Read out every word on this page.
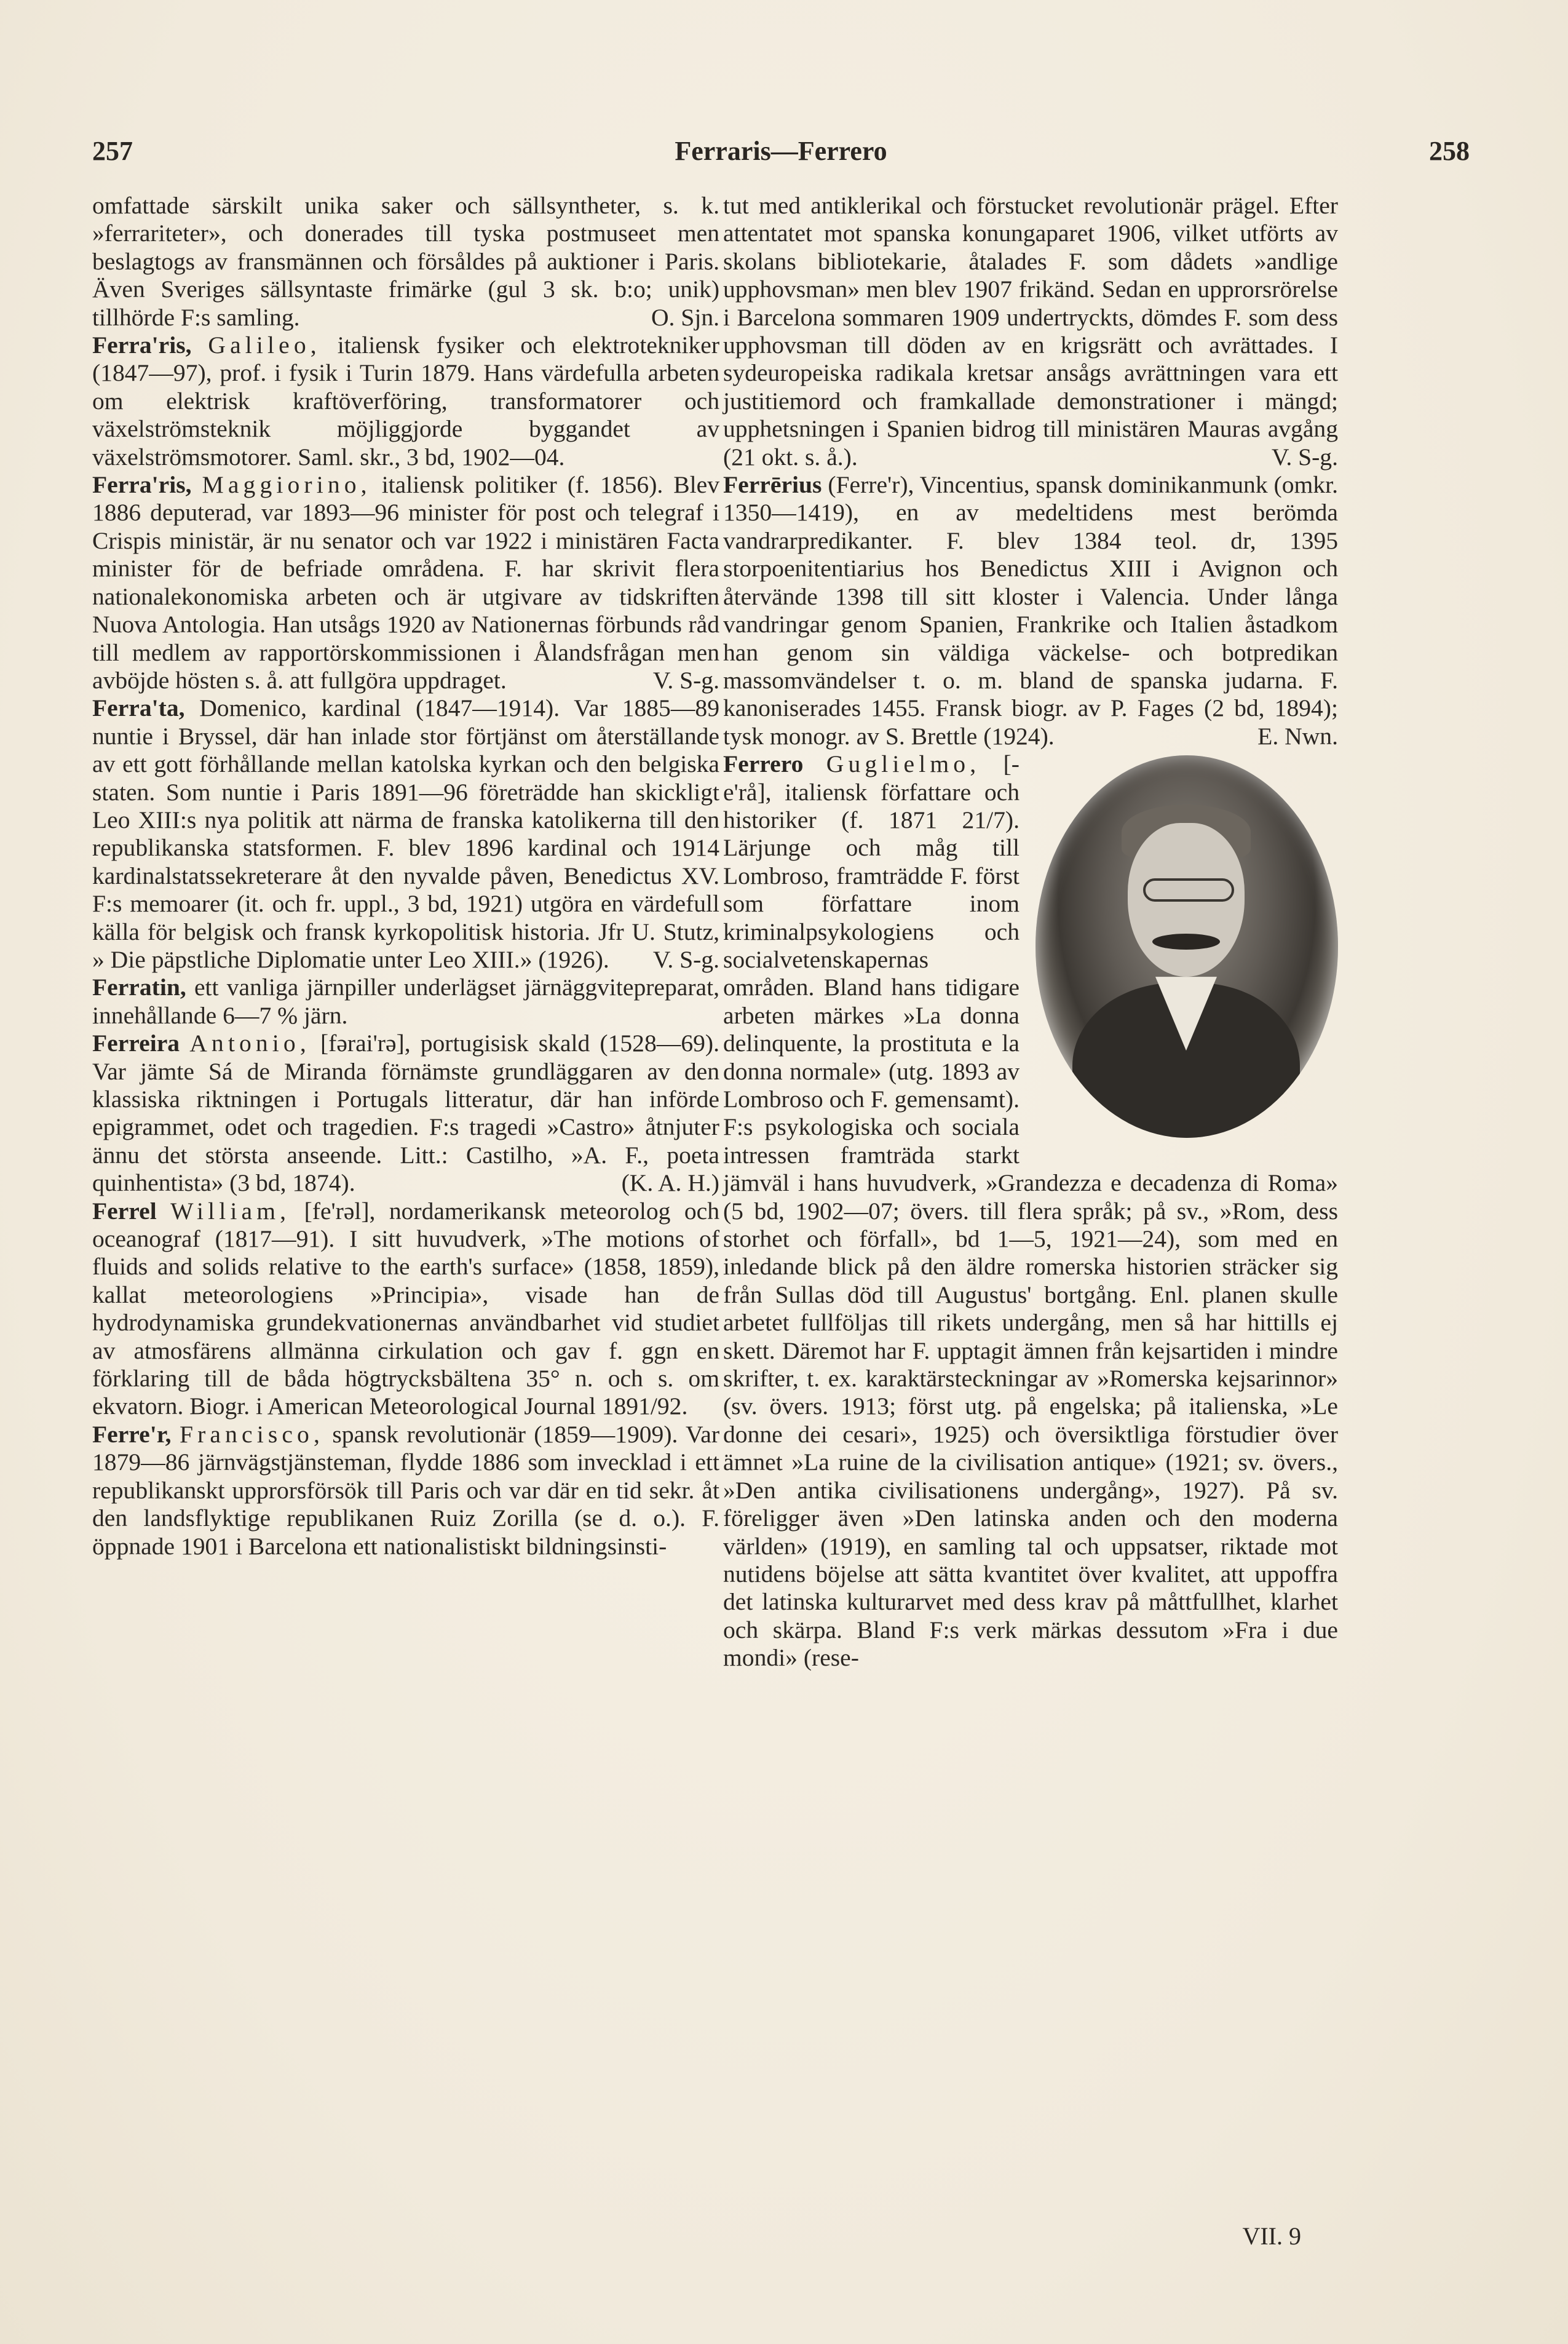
257	Ferraris—Ferrero	258

omfattade särskilt unika saker och sällsyntheter, s. k. »ferrariteter», och donerades till tyska postmuseet men beslagtogs av fransmännen och försåldes på auktioner i Paris. Även Sveriges sällsyntaste frimärke (gul 3 sk. b:o; unik) tillhörde F:s samling.	O. Sjn.

Ferra'ris, Galileo, italiensk fysiker och elektrotekniker (1847—97), prof. i fysik i Turin 1879. Hans värdefulla arbeten om elektrisk kraftöverföring, transformatorer och växelströmsteknik möjliggjorde byggandet av växelströmsmotorer. Saml. skr., 3 bd, 1902—04.

Ferra'ris, Maggiorino, italiensk politiker (f. 1856). Blev 1886 deputerad, var 1893—96 minister för post och telegraf i Crispis ministär, är nu senator och var 1922 i ministären Facta minister för de befriade områdena. F. har skrivit flera nationalekonomiska arbeten och är utgivare av tidskriften Nuova Antologia. Han utsågs 1920 av Nationernas förbunds råd till medlem av rapportörskommissionen i Ålandsfrågan men avböjde hösten s. å. att fullgöra uppdraget.	V. S-g.

Ferra'ta, Domenico, kardinal (1847—1914). Var 1885—89 nuntie i Bryssel, där han inlade stor förtjänst om återställande av ett gott förhållande mellan katolska kyrkan och den belgiska staten. Som nuntie i Paris 1891—96 företrädde han skickligt Leo XIII:s nya politik att närma de franska katolikerna till den republikanska statsformen. F. blev 1896 kardinal och 1914 kardinalstatssekreterare åt den nyvalde påven, Benedictus XV. F:s memoarer (it. och fr. uppl., 3 bd, 1921) utgöra en värdefull källa för belgisk och fransk kyrkopolitisk historia. Jfr U. Stutz, » Die päpstliche Diplomatie unter Leo XIII.» (1926). V. S-g.

Ferratin, ett vanliga järnpiller underlägset järnäggvitepreparat, innehållande 6—7 % järn.

Ferreira Antonio, [fərai'rə], portugisisk skald (1528—69). Var jämte Sá de Miranda förnämste grundläggaren av den klassiska riktningen i Portugals litteratur, där han införde epigrammet, odet och tragedien. F:s tragedi »Castro» åtnjuter ännu det största anseende. Litt.: Castilho, »A. F., poeta quinhentista» (3 bd, 1874).	(K. A. H.)

Ferrel William, [fe'rəl], nordamerikansk meteorolog och oceanograf (1817—91). I sitt huvudverk, »The motions of fluids and solids relative to the earth's surface» (1858, 1859), kallat meteorologiens »Principia», visade han de hydrodynamiska grundekvationernas användbarhet vid studiet av atmosfärens allmänna cirkulation och gav f. ggn en förklaring till de båda högtrycksbältena 35° n. och s. om ekvatorn. Biogr. i American Meteorological Journal 1891/92.

Ferre'r, Francisco, spansk revolutionär (1859—1909). Var 1879—86 järnvägstjänsteman, flydde 1886 som invecklad i ett republikanskt upprorsförsök till Paris och var där en tid sekr. åt den landsflyktige republikanen Ruiz Zorilla (se d. o.). F. öppnade 1901 i Barcelona ett nationalistiskt bildningsinsti-

tut med antiklerikal och förstucket revolutionär prägel. Efter attentatet mot spanska konungaparet 1906, vilket utförts av skolans bibliotekarie, åtalades F. som dådets »andlige upphovsman» men blev 1907 frikänd. Sedan en upprorsrörelse i Barcelona sommaren 1909 undertryckts, dömdes F. som dess upphovsman till döden av en krigsrätt och avrättades. I sydeuropeiska radikala kretsar ansågs avrättningen vara ett justitiemord och framkallade demonstrationer i mängd; upphetsningen i Spanien bidrog till ministären Mauras avgång (21 okt. s. å.).	V. S-g.

Ferrērius (Ferre'r), Vincentius, spansk dominikanmunk (omkr. 1350—1419), en av medeltidens mest berömda vandrarpredikanter. F. blev 1384 teol. dr, 1395 storpoenitentiarius hos Benedictus XIII i Avignon och återvände 1398 till sitt kloster i Valencia. Under långa vandringar genom Spanien, Frankrike och Italien åstadkom han genom sin väldiga väckelse- och botpredikan massomvändelser t. o. m. bland de spanska judarna. F. kanoniserades 1455. Fransk biogr. av P. Fages (2 bd, 1894); tysk monogr. av S. Brettle (1924).	E. Nwn.

Ferrero Guglielmo, [-e'rå], italiensk författare och historiker (f. 1871 21/7). Lärjunge och måg till Lombroso, framträdde F. först som författare inom kriminalpsykologiens och socialvetenskapernas områden. Bland hans tidigare arbeten märkes »La donna delinquente, la prostituta e la donna normale» (utg. 1893 av Lombroso och F. gemensamt). F:s psykologiska och sociala intressen framträda starkt jämväl i hans huvudverk, »Grandezza e decadenza di Roma» (5 bd, 1902—07; övers. till flera språk; på sv., »Rom, dess storhet och förfall», bd 1—5, 1921—24), som med en inledande blick på den äldre romerska historien sträcker sig från Sullas död till Augustus' bortgång. Enl. planen skulle arbetet fullföljas till rikets undergång, men så har hittills ej skett. Däremot har F. upptagit ämnen från kejsartiden i mindre skrifter, t. ex. karaktärsteckningar av »Romerska kejsarinnor» (sv. övers. 1913; först utg. på engelska; på italienska, »Le donne dei cesari», 1925) och översiktliga förstudier över ämnet »La ruine de la civilisation antique» (1921; sv. övers., »Den antika civilisationens undergång», 1927). På sv. föreligger även »Den latinska anden och den moderna världen» (1919), en samling tal och uppsatser, riktade mot nutidens böjelse att sätta kvantitet över kvalitet, att uppoffra det latinska kulturarvet med dess krav på måttfullhet, klarhet och skärpa. Bland F:s verk märkas dessutom »Fra i due mondi» (rese-

VII. 9
